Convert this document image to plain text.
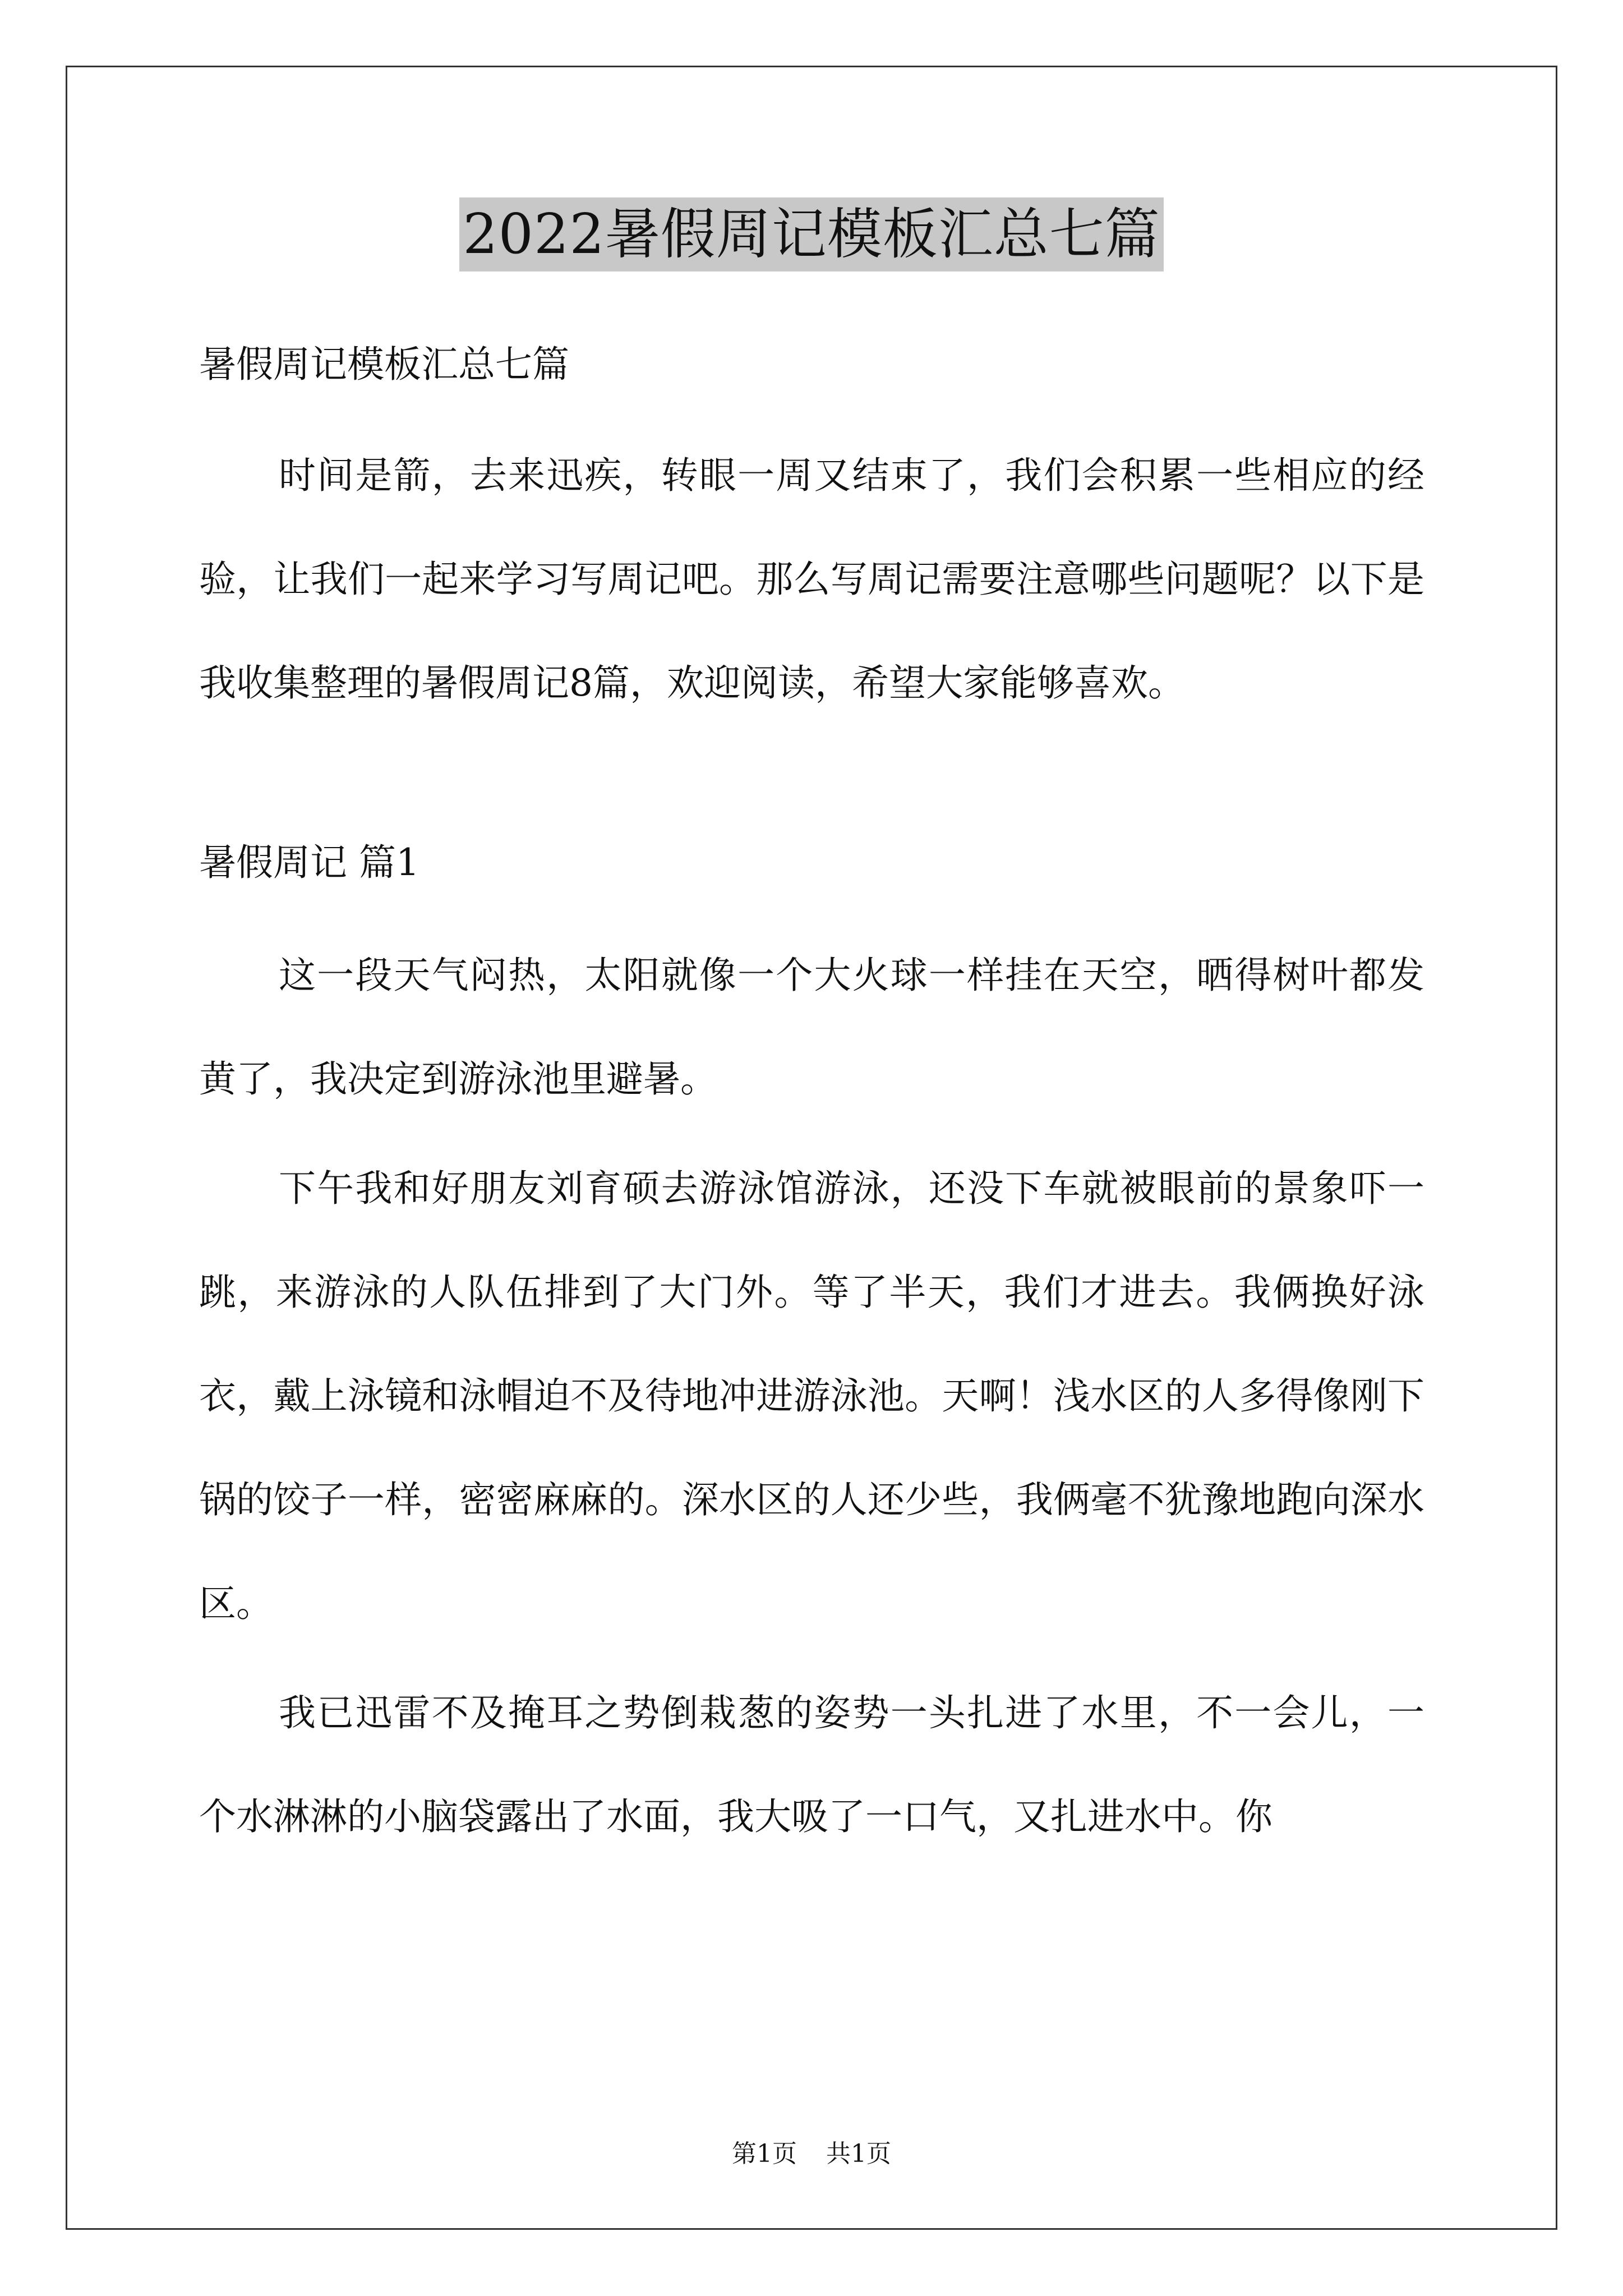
2022暑假周记模板汇总七篇

暑假周记模板汇总七篇

时间是箭，去来迅疾，转眼一周又结束了，我们会积累一些相应的经验，让我们一起来学习写周记吧。那么写周记需要注意哪些问题呢？以下是我收集整理的暑假周记8篇，欢迎阅读，希望大家能够喜欢。

暑假周记 篇1

这一段天气闷热，太阳就像一个大火球一样挂在天空，晒得树叶都发黄了，我决定到游泳池里避暑。

下午我和好朋友刘育硕去游泳馆游泳，还没下车就被眼前的景象吓一跳，来游泳的人队伍排到了大门外。等了半天，我们才进去。我俩换好泳衣，戴上泳镜和泳帽迫不及待地冲进游泳池。天啊！浅水区的人多得像刚下锅的饺子一样，密密麻麻的。深水区的人还少些，我俩毫不犹豫地跑向深水区。

我已迅雷不及掩耳之势倒栽葱的姿势一头扎进了水里，不一会儿，一个水淋淋的小脑袋露出了水面，我大吸了一口气，又扎进水中。你

第1页 共1页
